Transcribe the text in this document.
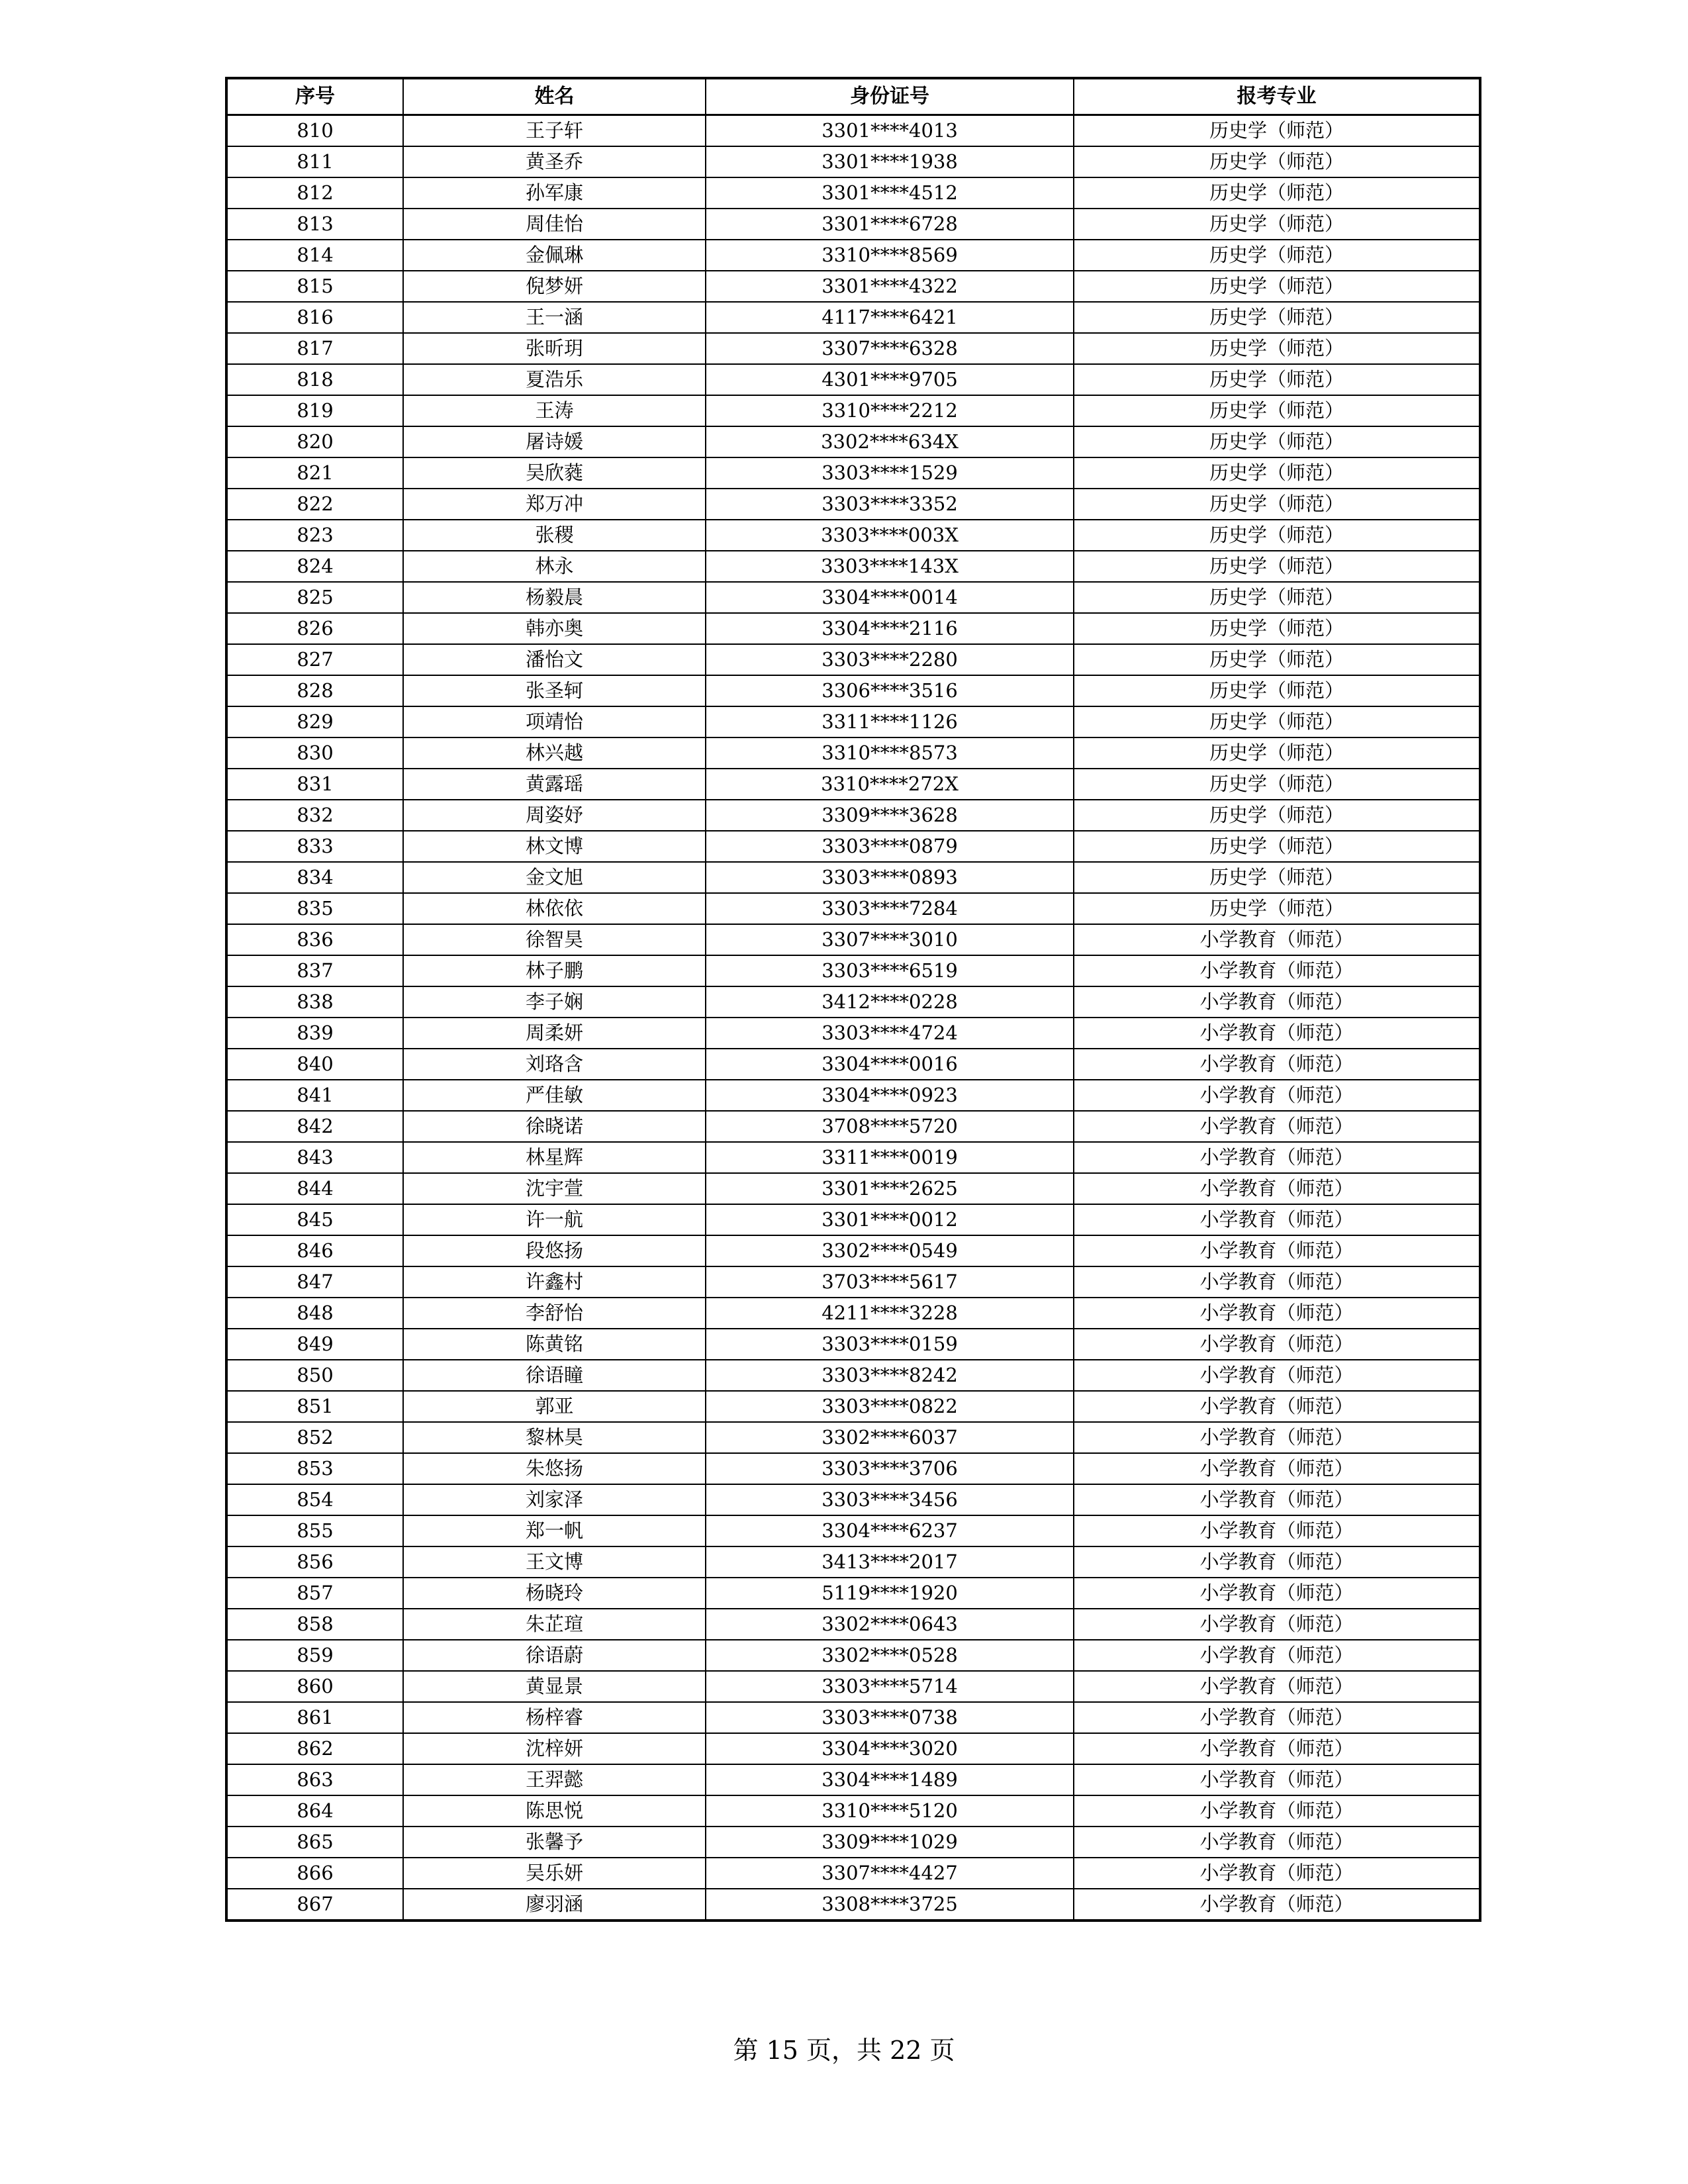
序号	姓名	身份证号	报考专业
810	王子轩	3301****4013	历史学（师范）
811	黄圣乔	3301****1938	历史学（师范）
812	孙军康	3301****4512	历史学（师范）
813	周佳怡	3301****6728	历史学（师范）
814	金佩琳	3310****8569	历史学（师范）
815	倪梦妍	3301****4322	历史学（师范）
816	王一涵	4117****6421	历史学（师范）
817	张昕玥	3307****6328	历史学（师范）
818	夏浩乐	4301****9705	历史学（师范）
819	王涛	3310****2212	历史学（师范）
820	屠诗媛	3302****634X	历史学（师范）
821	吴欣蕤	3303****1529	历史学（师范）
822	郑万冲	3303****3352	历史学（师范）
823	张稷	3303****003X	历史学（师范）
824	林永	3303****143X	历史学（师范）
825	杨毅晨	3304****0014	历史学（师范）
826	韩亦奥	3304****2116	历史学（师范）
827	潘怡文	3303****2280	历史学（师范）
828	张圣轲	3306****3516	历史学（师范）
829	项靖怡	3311****1126	历史学（师范）
830	林兴越	3310****8573	历史学（师范）
831	黄露瑶	3310****272X	历史学（师范）
832	周姿妤	3309****3628	历史学（师范）
833	林文博	3303****0879	历史学（师范）
834	金文旭	3303****0893	历史学（师范）
835	林依依	3303****7284	历史学（师范）
836	徐智昊	3307****3010	小学教育（师范）
837	林子鹏	3303****6519	小学教育（师范）
838	李子娴	3412****0228	小学教育（师范）
839	周柔妍	3303****4724	小学教育（师范）
840	刘珞含	3304****0016	小学教育（师范）
841	严佳敏	3304****0923	小学教育（师范）
842	徐晓诺	3708****5720	小学教育（师范）
843	林星辉	3311****0019	小学教育（师范）
844	沈宇萱	3301****2625	小学教育（师范）
845	许一航	3301****0012	小学教育（师范）
846	段悠扬	3302****0549	小学教育（师范）
847	许鑫村	3703****5617	小学教育（师范）
848	李舒怡	4211****3228	小学教育（师范）
849	陈黄铭	3303****0159	小学教育（师范）
850	徐语瞳	3303****8242	小学教育（师范）
851	郭亚	3303****0822	小学教育（师范）
852	黎林昊	3302****6037	小学教育（师范）
853	朱悠扬	3303****3706	小学教育（师范）
854	刘家泽	3303****3456	小学教育（师范）
855	郑一帆	3304****6237	小学教育（师范）
856	王文博	3413****2017	小学教育（师范）
857	杨晓玲	5119****1920	小学教育（师范）
858	朱芷瑄	3302****0643	小学教育（师范）
859	徐语蔚	3302****0528	小学教育（师范）
860	黄显景	3303****5714	小学教育（师范）
861	杨梓睿	3303****0738	小学教育（师范）
862	沈梓妍	3304****3020	小学教育（师范）
863	王羿懿	3304****1489	小学教育（师范）
864	陈思悦	3310****5120	小学教育（师范）
865	张馨予	3309****1029	小学教育（师范）
866	吴乐妍	3307****4427	小学教育（师范）
867	廖羽涵	3308****3725	小学教育（师范）
第 15 页，共 22 页
